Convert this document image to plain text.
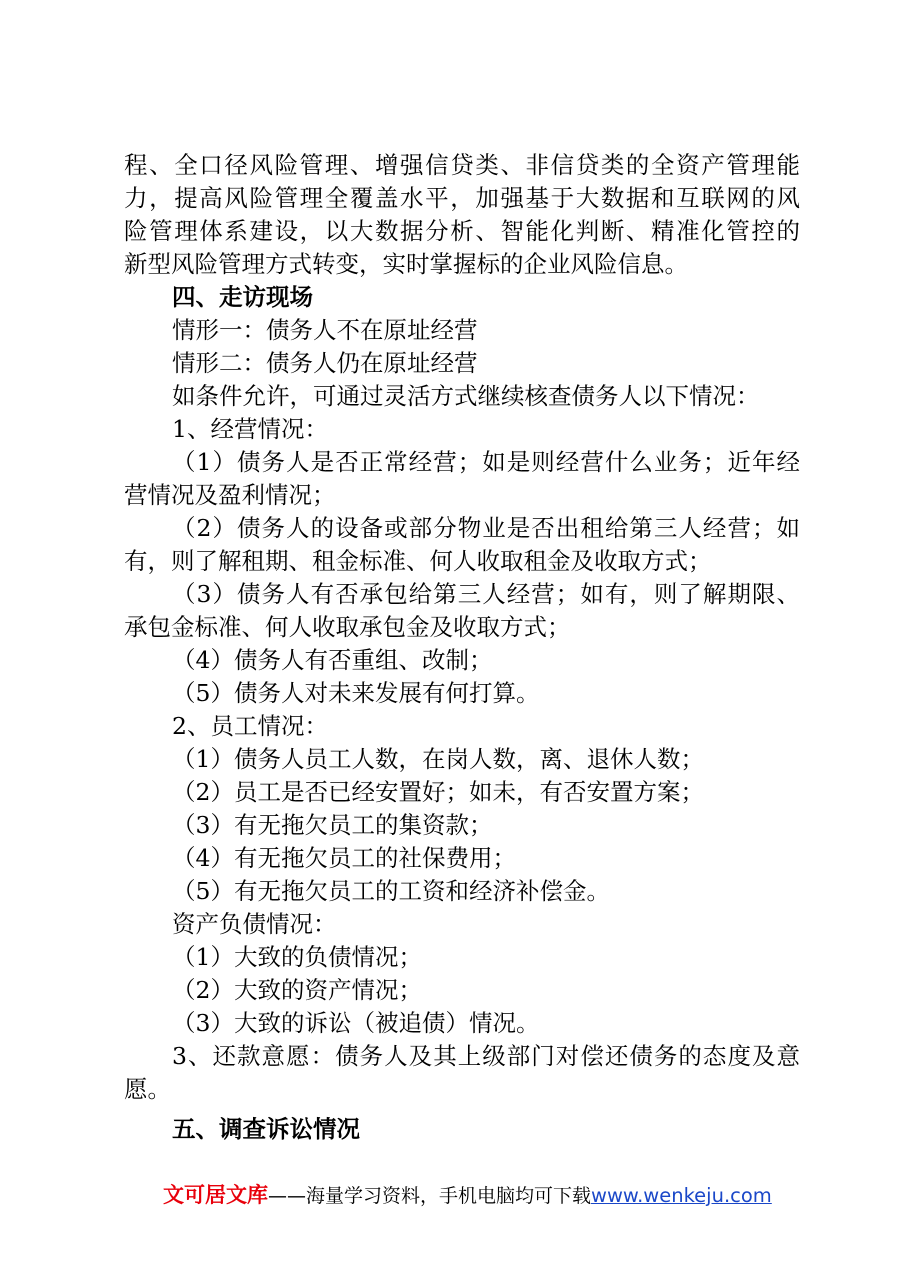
程、全口径风险管理、增强信贷类、非信贷类的全资产管理能
力，提高风险管理全覆盖水平，加强基于大数据和互联网的风
险管理体系建设，以大数据分析、智能化判断、精准化管控的
新型风险管理方式转变，实时掌握标的企业风险信息。
四、走访现场
情形一：债务人不在原址经营
情形二：债务人仍在原址经营
如条件允许，可通过灵活方式继续核查债务人以下情况：
1、经营情况：
（1）债务人是否正常经营；如是则经营什么业务；近年经
营情况及盈利情况；
（2）债务人的设备或部分物业是否出租给第三人经营；如
有，则了解租期、租金标准、何人收取租金及收取方式；
（3）债务人有否承包给第三人经营；如有，则了解期限、
承包金标准、何人收取承包金及收取方式；
（4）债务人有否重组、改制；
（5）债务人对未来发展有何打算。
2、员工情况：
（1）债务人员工人数，在岗人数，离、退休人数；
（2）员工是否已经安置好；如未，有否安置方案；
（3）有无拖欠员工的集资款；
（4）有无拖欠员工的社保费用；
（5）有无拖欠员工的工资和经济补偿金。
资产负债情况：
（1）大致的负债情况；
（2）大致的资产情况；
（3）大致的诉讼（被追债）情况。
3、还款意愿：债务人及其上级部门对偿还债务的态度及意
愿。
五、调查诉讼情况
文可居文库——海量学习资料，手机电脑均可下载www.wenkeju.com
